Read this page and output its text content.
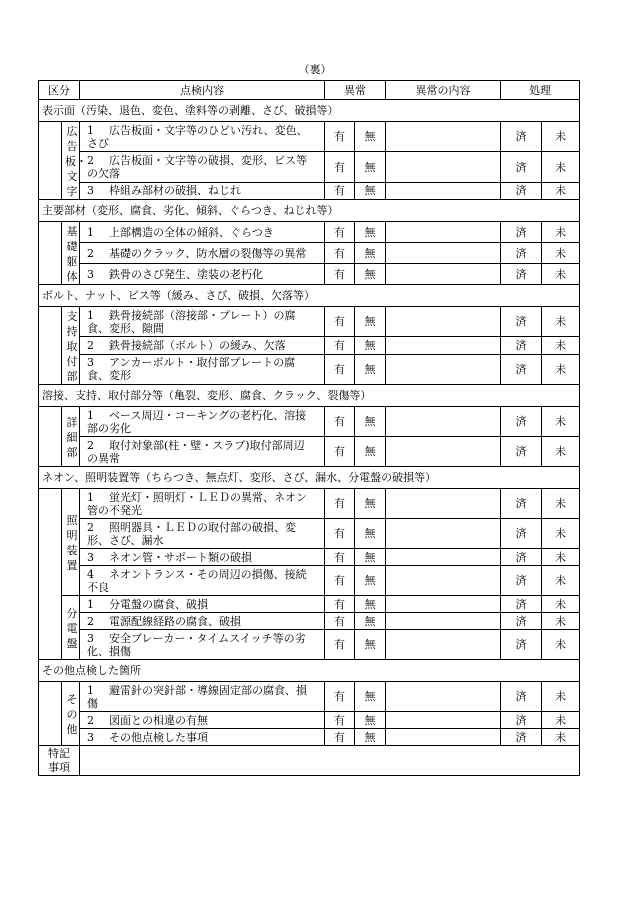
（裏）
区分		点検内容	異常		異常の内容	処理	
表示面（汚染、退色、変色、塗料等の剥離、さび、破損等）							
	広告板・文字	1 広告板面・文字等のひどい汚れ、変色、
さび	有	無		済	未

		2 広告板面・文字等の破損、変形、ビス等
の欠落	有	無		済	未

		3 枠組み部材の破損、ねじれ	有	無		済	未
主要部材（変形、腐食、劣化、傾斜、ぐらつき、ねじれ等）							
	基礎躯体	1 上部構造の全体の傾斜、ぐらつき	有	無		済	未

		2 基礎のクラック、防水層の裂傷等の異常	有	無		済	未

		3 鉄骨のさび発生、塗装の老朽化	有	無		済	未
ボルト、ナット、ビス等（緩み、さび、破損、欠落等）							
	支持取付部	1 鉄骨接続部（溶接部・プレート）の腐
食、変形、隙間	有	無		済	未

		2 鉄骨接続部（ボルト）の緩み、欠落	有	無		済	未

		3 アンカーボルト・取付部プレートの腐
食、変形	有	無		済	未
溶接、支持、取付部分等（亀裂、変形、腐食、クラック、裂傷等）							
	詳細部	1 ベース周辺・コーキングの老朽化、溶接
部の劣化	有	無		済	未

		2 取付対象部(柱・壁・スラブ)取付部周辺
の異常	有	無		済	未
ネオン、照明装置等（ちらつき、無点灯、変形、さび、漏水、分電盤の破損等）							
	照明装置	1 蛍光灯・照明灯・ＬＥＤの異常、ネオン
管の不発光	有	無		済	未

		2 照明器具・ＬＥＤの取付部の破損、変
形、さび、漏水	有	無		済	未

		3 ネオン管・サポート類の破損	有	無		済	未

		4 ネオントランス・その周辺の損傷、接続
不良	有	無		済	未
	分電盤	1 分電盤の腐食、破損	有	無		済	未

		2 電源配線経路の腐食、破損	有	無		済	未

		3 安全ブレーカー・タイムスイッチ等の劣
化、損傷	有	無		済	未
その他点検した箇所							
	その他	1 避雷針の突針部・導線固定部の腐食、損
傷	有	無		済	未

		2 図面との相違の有無	有	無		済	未

		3 その他点検した事項	有	無		済	未
特記事項							
